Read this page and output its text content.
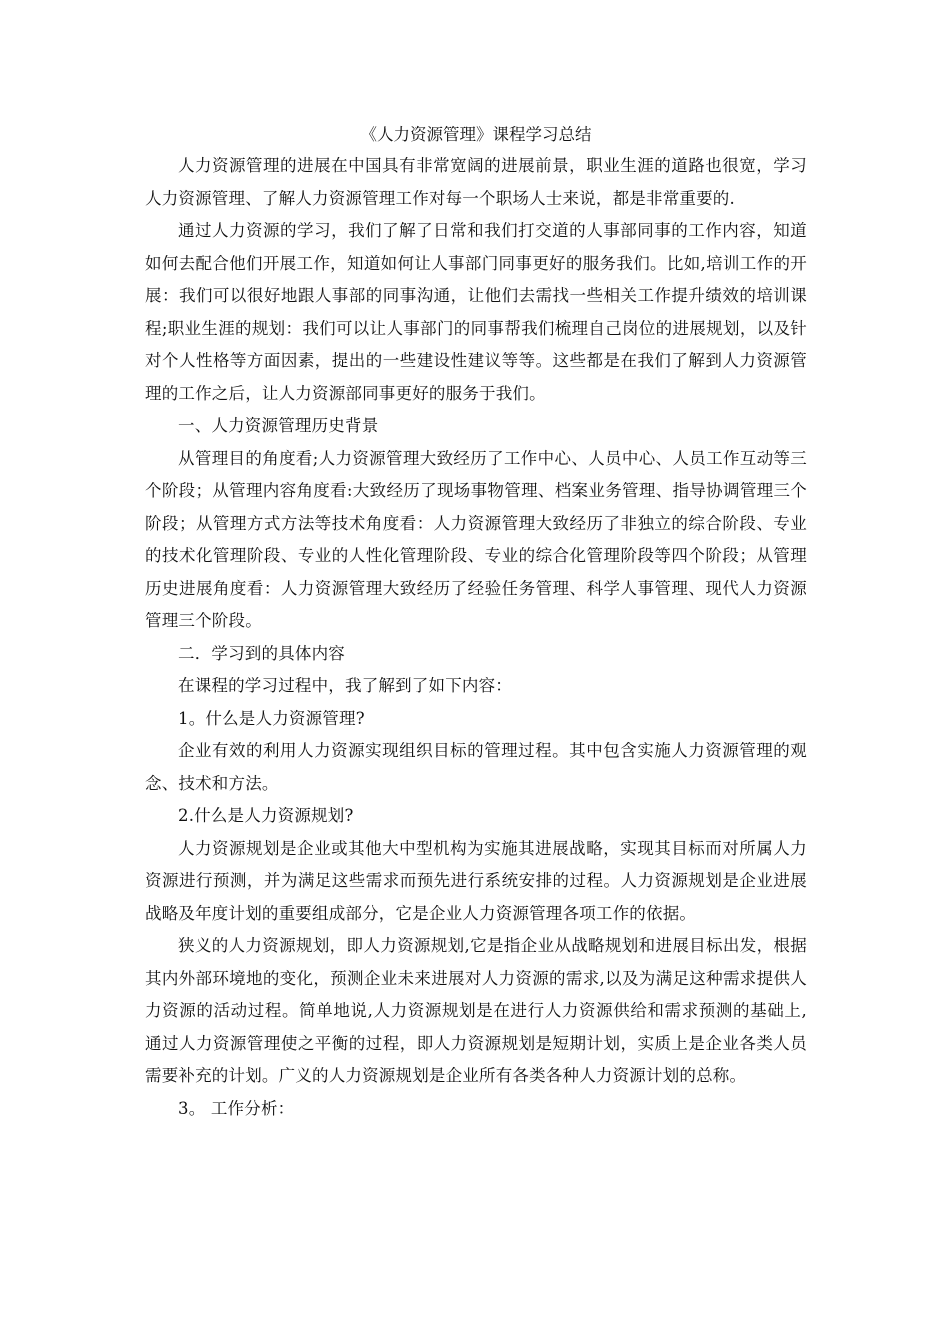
《人力资源管理》课程学习总结

人力资源管理的进展在中国具有非常宽阔的进展前景，职业生涯的道路也很宽，学习人力资源管理、了解人力资源管理工作对每一个职场人士来说，都是非常重要的.

通过人力资源的学习，我们了解了日常和我们打交道的人事部同事的工作内容，知道如何去配合他们开展工作，知道如何让人事部门同事更好的服务我们。比如,培训工作的开展：我们可以很好地跟人事部的同事沟通，让他们去需找一些相关工作提升绩效的培训课程;职业生涯的规划：我们可以让人事部门的同事帮我们梳理自己岗位的进展规划，以及针对个人性格等方面因素，提出的一些建设性建议等等。这些都是在我们了解到人力资源管理的工作之后，让人力资源部同事更好的服务于我们。

一、人力资源管理历史背景

从管理目的角度看;人力资源管理大致经历了工作中心、人员中心、人员工作互动等三个阶段；从管理内容角度看:大致经历了现场事物管理、档案业务管理、指导协调管理三个阶段；从管理方式方法等技术角度看：人力资源管理大致经历了非独立的综合阶段、专业的技术化管理阶段、专业的人性化管理阶段、专业的综合化管理阶段等四个阶段；从管理历史进展角度看：人力资源管理大致经历了经验任务管理、科学人事管理、现代人力资源管理三个阶段。

二．学习到的具体内容

在课程的学习过程中，我了解到了如下内容：

1。什么是人力资源管理?

企业有效的利用人力资源实现组织目标的管理过程。其中包含实施人力资源管理的观念、技术和方法。

2.什么是人力资源规划?

人力资源规划是企业或其他大中型机构为实施其进展战略，实现其目标而对所属人力资源进行预测，并为满足这些需求而预先进行系统安排的过程。人力资源规划是企业进展战略及年度计划的重要组成部分，它是企业人力资源管理各项工作的依据。

狭义的人力资源规划，即人力资源规划,它是指企业从战略规划和进展目标出发，根据其内外部环境地的变化，预测企业未来进展对人力资源的需求,以及为满足这种需求提供人力资源的活动过程。简单地说,人力资源规划是在进行人力资源供给和需求预测的基础上,通过人力资源管理使之平衡的过程，即人力资源规划是短期计划，实质上是企业各类人员需要补充的计划。广义的人力资源规划是企业所有各类各种人力资源计划的总称。

3。 工作分析：
